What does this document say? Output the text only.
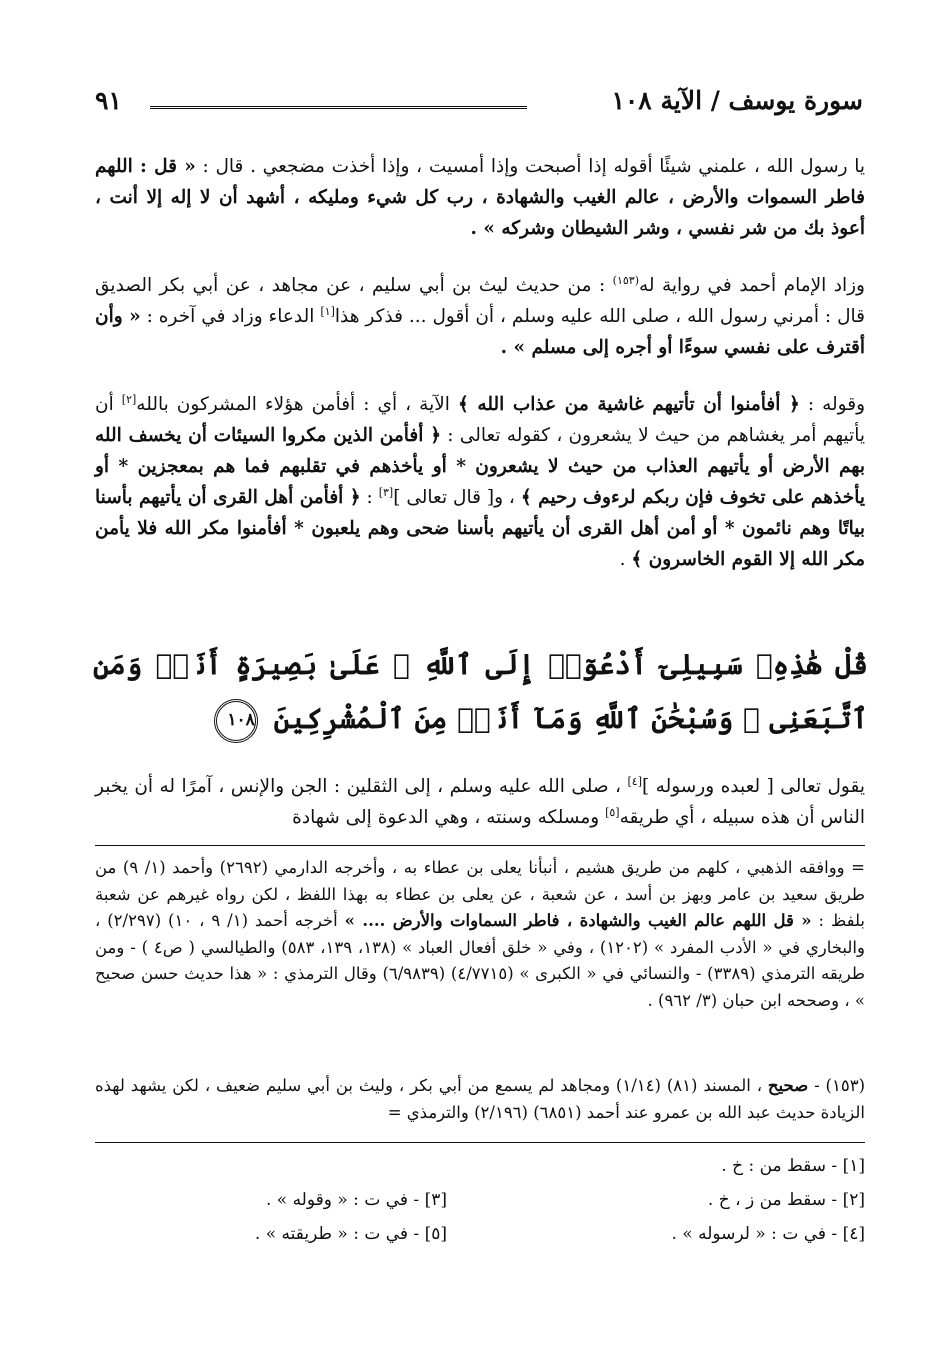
سورة يوسف / الآية ١٠٨
٩١

يا رسول الله ، علمني شيئًا أقوله إذا أصبحت وإذا أمسيت ، وإذا أخذت مضجعي . قال : « قل : اللهم فاطر السموات والأرض ، عالم الغيب والشهادة ، رب كل شيء ومليكه ، أشهد أن لا إله إلا أنت ، أعوذ بك من شر نفسي ، وشر الشيطان وشركه » .

وزاد الإمام أحمد في رواية له$^{(١٥٣)}$ : من حديث ليث بن أبي سليم ، عن مجاهد ، عن أبي بكر الصديق قال : أمرني رسول الله ، صلى الله عليه وسلم ، أن أقول ... فذكر هذا[١] الدعاء وزاد في آخره : « وأن أقترف على نفسي سوءًا أو أجره إلى مسلم » .

وقوله : ﴿ أفأمنوا أن تأتيهم غاشية من عذاب الله ﴾ الآية ، أي : أفأمن هؤلاء المشركون بالله[٢] أن يأتيهم أمر يغشاهم من حيث لا يشعرون ، كقوله تعالى : ﴿ أفأمن الذين مكروا السيئات أن يخسف الله بهم الأرض أو يأتيهم العذاب من حيث لا يشعرون * أو يأخذهم في تقلبهم فما هم بمعجزين * أو يأخذهم على تخوف فإن ربكم لرءوف رحيم ﴾ ، و[ قال تعالى ][٣] : ﴿ أفأمن أهل القرى أن يأتيهم بأسنا بياتًا وهم نائمون * أو أمن أهل القرى أن يأتيهم بأسنا ضحى وهم يلعبون * أفأمنوا مكر الله فلا يأمن مكر الله إلا القوم الخاسرون ﴾ .

قُلْ هَٰذِهِۦ سَبِيلِىٓ أَدْعُوٓا۟ إِلَى ٱللَّهِ ۚ عَلَىٰ بَصِيرَةٍ أَنَا۠ وَمَنِ ٱتَّبَعَنِى ۖ وَسُبْحَٰنَ ٱللَّهِ وَمَآ أَنَا۠ مِنَ ٱلْمُشْرِكِينَ ١٠٨

يقول تعالى [ لعبده ورسوله ][٤] ، صلى الله عليه وسلم ، إلى الثقلين : الجن والإنس ، آمرًا له أن يخبر الناس أن هذه سبيله ، أي طريقه[٥] ومسلكه وسنته ، وهي الدعوة إلى شهادة

= ووافقه الذهبي ، كلهم من طريق هشيم ، أنبأنا يعلى بن عطاء به ، وأخرجه الدارمي (٢٦٩٢) وأحمد (١/ ٩) من طريق سعيد بن عامر وبهز بن أسد ، عن شعبة ، عن يعلى بن عطاء به بهذا اللفظ ، لكن رواه غيرهم عن شعبة بلفظ : « قل اللهم عالم الغيب والشهادة ، فاطر السماوات والأرض .... » أخرجه أحمد (١/ ٩ ، ١٠) (٢/٢٩٧) ، والبخاري في « الأدب المفرد » (١٢٠٢) ، وفي « خلق أفعال العباد » (١٣٨، ١٣٩، ٥٨٣) والطيالسي ( ص٤ ) - ومن طريقه الترمذي (٣٣٨٩) - والنسائي في « الكبرى » (٤/٧٧١٥) (٦/٩٨٣٩) وقال الترمذي : « هذا حديث حسن صحيح » ، وصححه ابن حبان (٣/ ٩٦٢) .

(١٥٣) - صحيح ، المسند (٨١) (١/١٤) ومجاهد لم يسمع من أبي بكر ، وليث بن أبي سليم ضعيف ، لكن يشهد لهذه الزيادة حديث عبد الله بن عمرو عند أحمد (٦٨٥١) (٢/١٩٦) والترمذي =

[١] - سقط من : خ .
[٢] - سقط من ز ، خ .
[٣] - في ت : « وقوله » .
[٤] - في ت : « لرسوله » .
[٥] - في ت : « طريقته » .
